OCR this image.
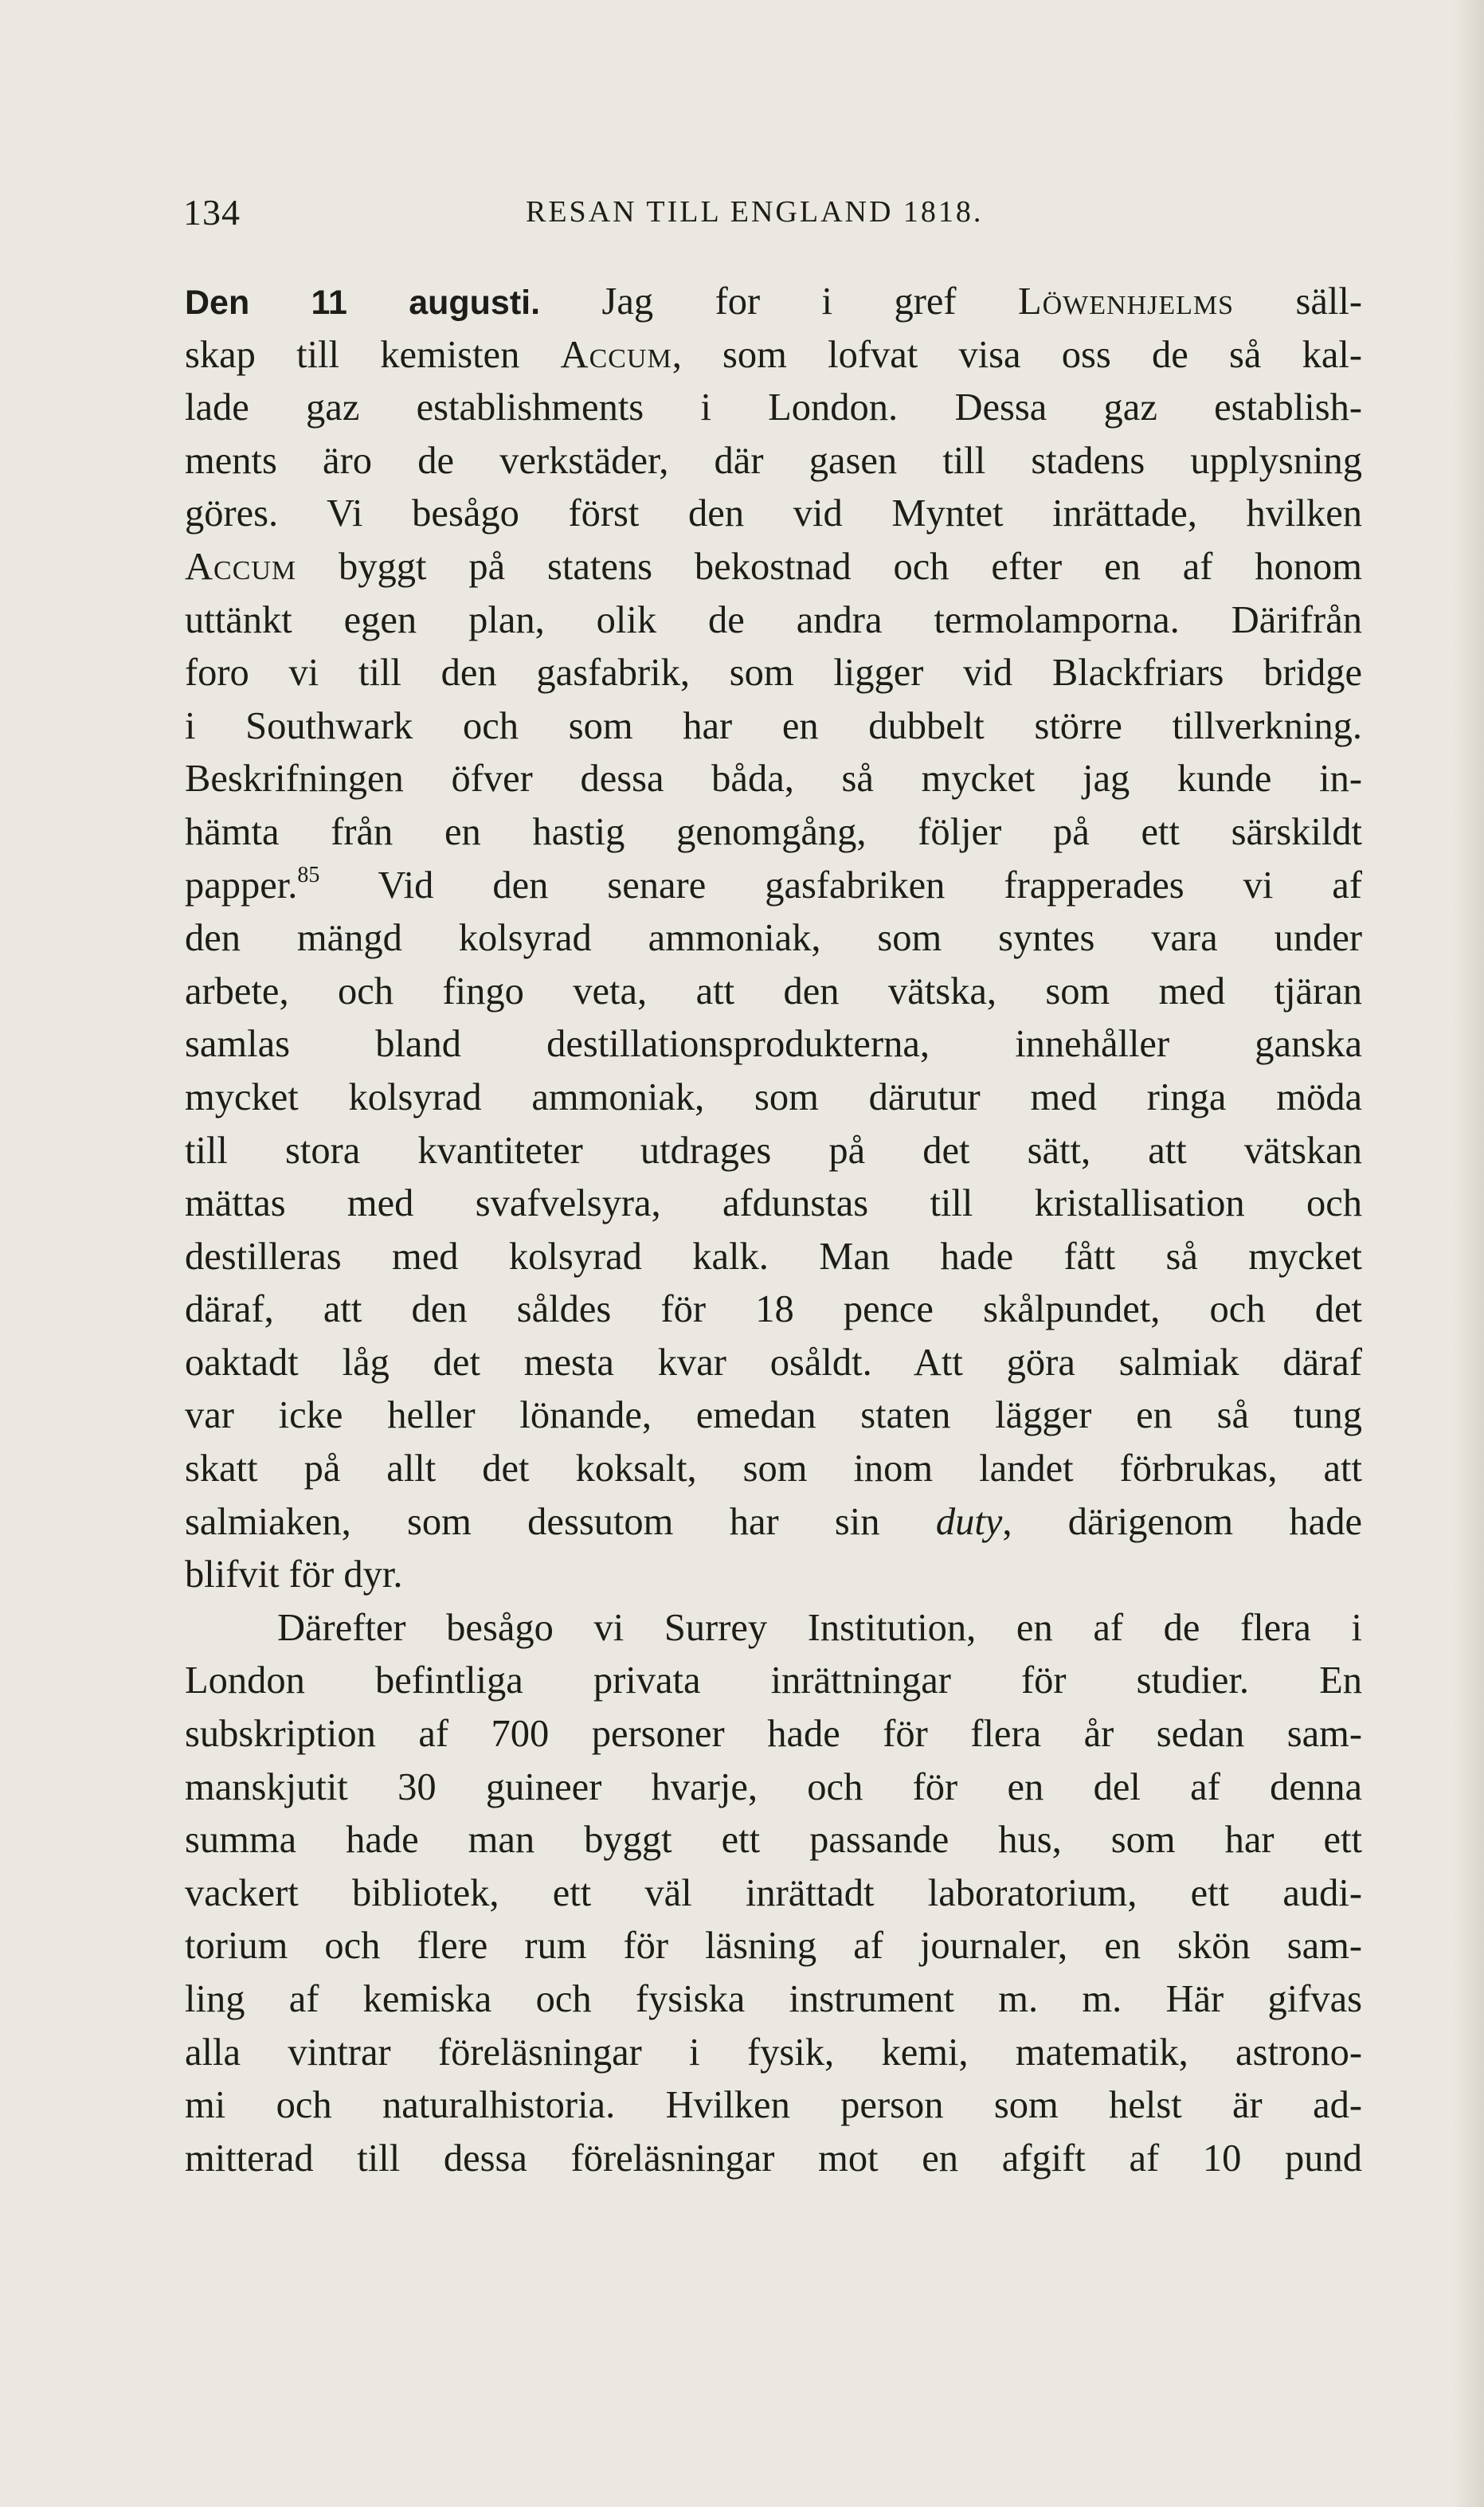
134	RESAN TILL ENGLAND 1818.
Den 11 augusti. Jag for i gref Löwenhjelms säll-
skap till kemisten Accum, som lofvat visa oss de så kal-
lade gaz establishments i London. Dessa gaz establish-
ments äro de verkstäder, där gasen till stadens upplysning
göres. Vi besågo först den vid Myntet inrättade, hvilken
Accum byggt på statens bekostnad och efter en af honom
uttänkt egen plan, olik de andra termolamporna. Därifrån
foro vi till den gasfabrik, som ligger vid Blackfriars bridge
i Southwark och som har en dubbelt större tillverkning.
Beskrifningen öfver dessa båda, så mycket jag kunde in-
hämta från en hastig genomgång, följer på ett särskildt
papper.$^{85}$ Vid den senare gasfabriken frapperades vi af
den mängd kolsyrad ammoniak, som syntes vara under
arbete, och fingo veta, att den vätska, som med tjäran
samlas bland destillationsprodukterna, innehåller ganska
mycket kolsyrad ammoniak, som därutur med ringa möda
till stora kvantiteter utdrages på det sätt, att vätskan
mättas med svafvelsyra, afdunstas till kristallisation och
destilleras med kolsyrad kalk. Man hade fått så mycket
däraf, att den såldes för 18 pence skålpundet, och det
oaktadt låg det mesta kvar osåldt. Att göra salmiak däraf
var icke heller lönande, emedan staten lägger en så tung
skatt på allt det koksalt, som inom landet förbrukas, att
salmiaken, som dessutom har sin duty, därigenom hade
blifvit för dyr.
Därefter besågo vi Surrey Institution, en af de flera i
London befintliga privata inrättningar för studier. En
subskription af 700 personer hade för flera år sedan sam-
manskjutit 30 guineer hvarje, och för en del af denna
summa hade man byggt ett passande hus, som har ett
vackert bibliotek, ett väl inrättadt laboratorium, ett audi-
torium och flere rum för läsning af journaler, en skön sam-
ling af kemiska och fysiska instrument m. m. Här gifvas
alla vintrar föreläsningar i fysik, kemi, matematik, astrono-
mi och naturalhistoria. Hvilken person som helst är ad-
mitterad till dessa föreläsningar mot en afgift af 10 pund
